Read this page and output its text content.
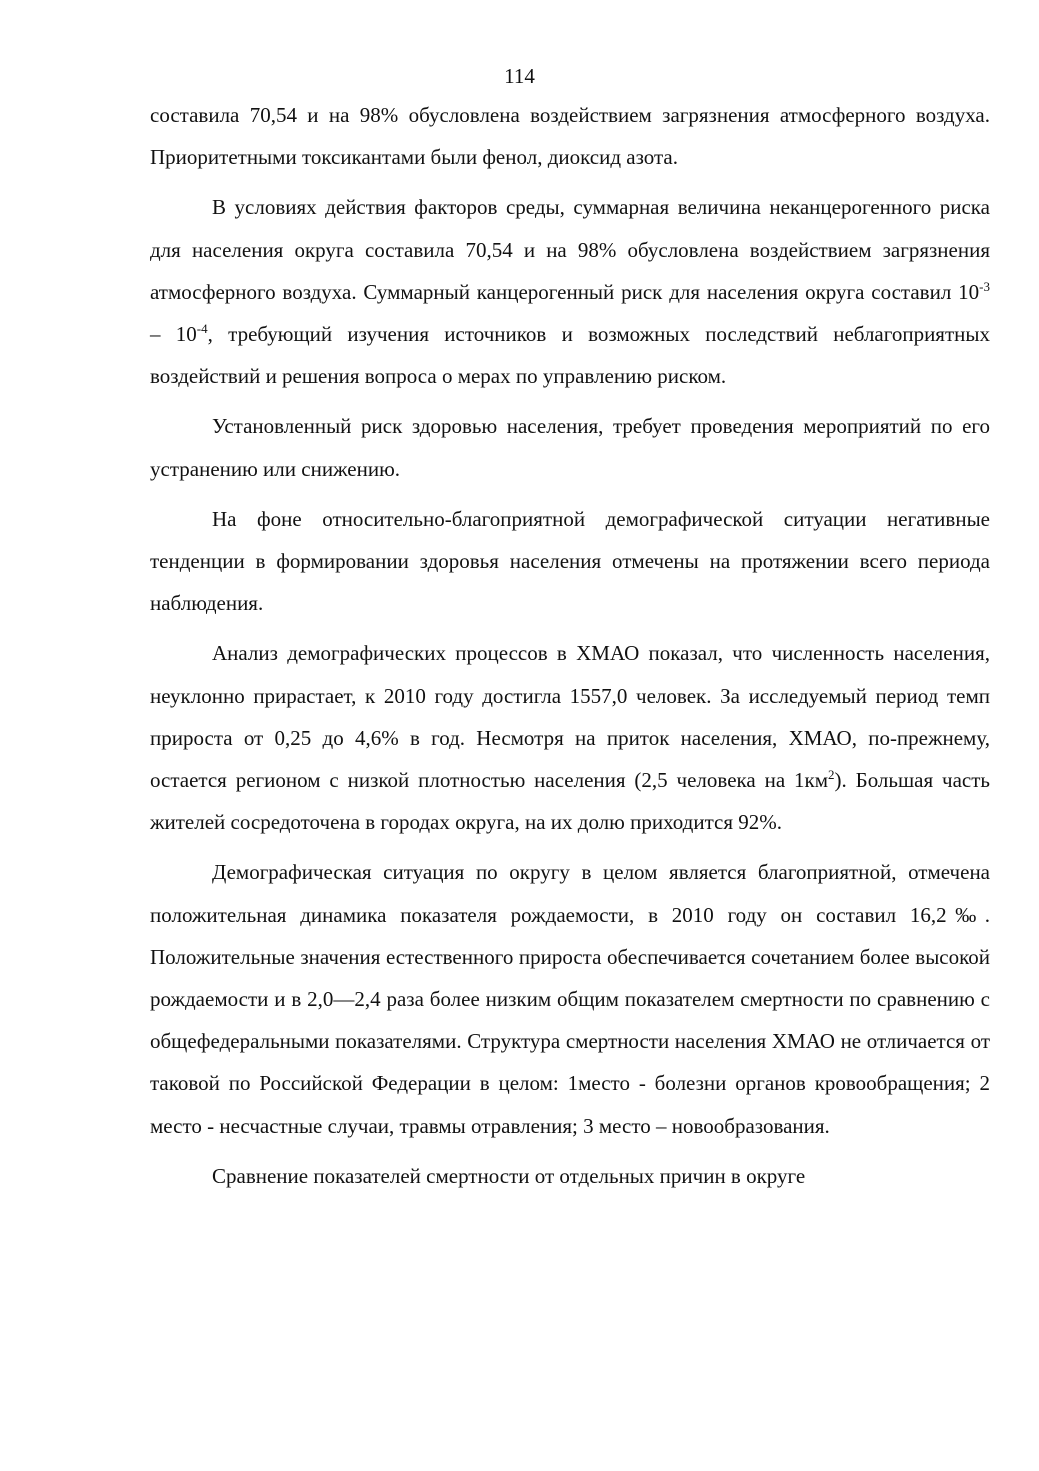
114

составила 70,54 и на 98% обусловлена воздействием загрязнения атмосферного воздуха. Приоритетными токсикантами были фенол, диоксид азота.

В условиях действия факторов среды, суммарная величина неканцерогенного риска для населения округа составила 70,54 и на 98% обусловлена воздействием загрязнения атмосферного воздуха. Суммарный канцерогенный риск для населения округа составил $10^{-3} - 10^{-4}$, требующий изучения источников и возможных последствий неблагоприятных воздействий и решения вопроса о мерах по управлению риском.

Установленный риск здоровью населения, требует проведения мероприятий по его устранению или снижению.

На фоне относительно-благоприятной демографической ситуации негативные тенденции в формировании здоровья населения отмечены на протяжении всего периода наблюдения.

Анализ демографических процессов в ХМАО показал, что численность населения, неуклонно прирастает, к 2010 году достигла 1557,0 человек. За исследуемый период темп прироста от 0,25 до 4,6% в год. Несмотря на приток населения, ХМАО, по-прежнему, остается регионом с низкой плотностью населения (2,5 человека на $1км^2$). Большая часть жителей сосредоточена в городах округа, на их долю приходится 92%.

Демографическая ситуация по округу в целом является благоприятной, отмечена положительная динамика показателя рождаемости, в 2010 году он составил 16,2‰. Положительные значения естественного прироста обеспечивается сочетанием более высокой рождаемости и в 2,0—2,4 раза более низким общим показателем смертности по сравнению с общефедеральными показателями. Структура смертности населения ХМАО не отличается от таковой по Российской Федерации в целом: 1место - болезни органов кровообращения; 2 место - несчастные случаи, травмы отравления; 3 место – новообразования.

Сравнение показателей смертности от отдельных причин в округе
